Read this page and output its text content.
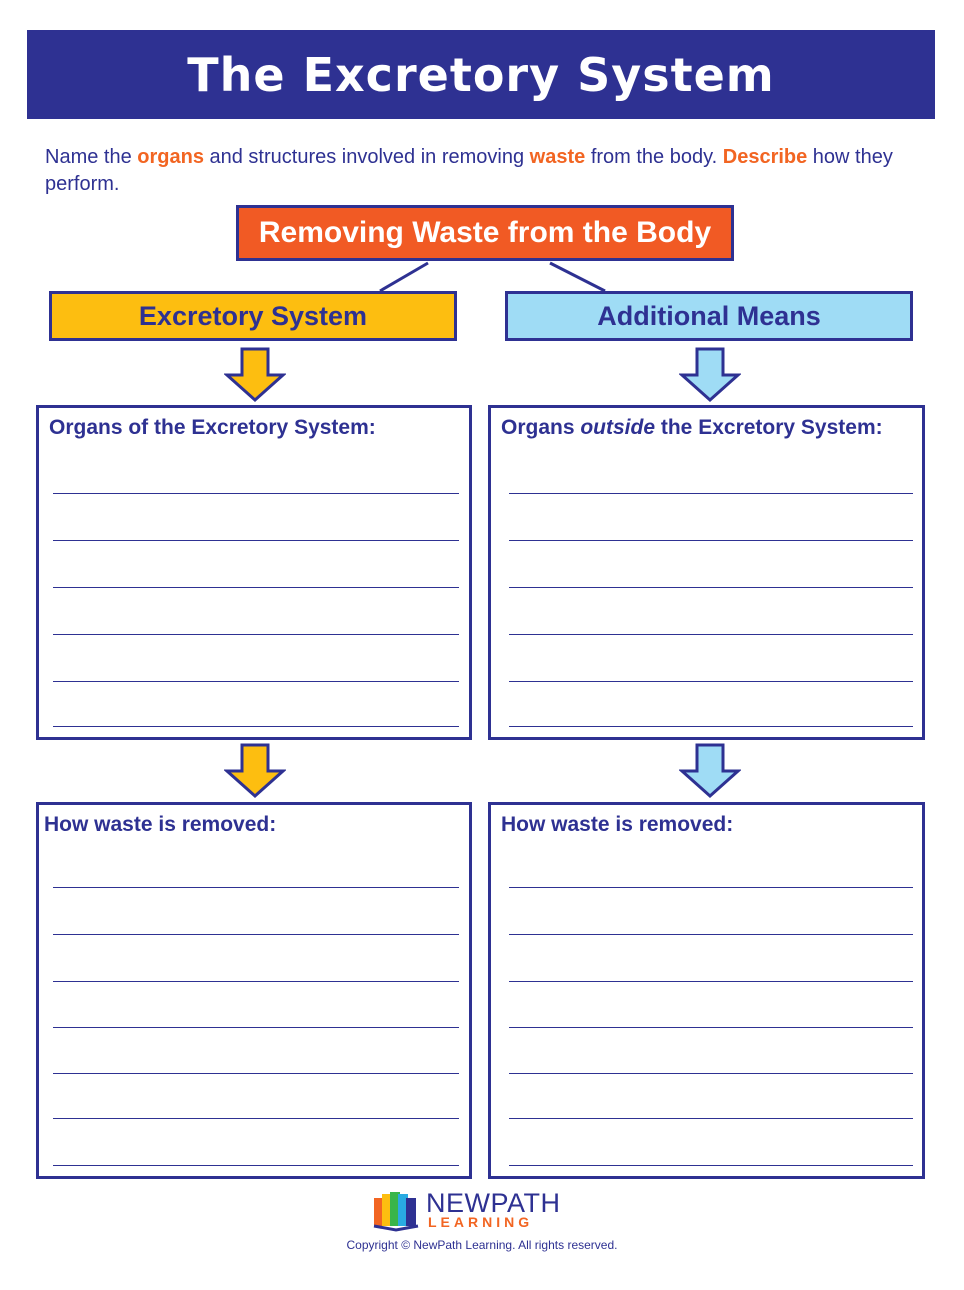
The Excretory System
Name the organs and structures involved in removing waste from the body. Describe how they perform.
Removing Waste from the Body
Excretory System	Additional Means
Organs of the Excretory System:	Organs outside the Excretory System:
How waste is removed:	How waste is removed:
NEWPATH
LEARNING
Copyright © NewPath Learning. All rights reserved.
